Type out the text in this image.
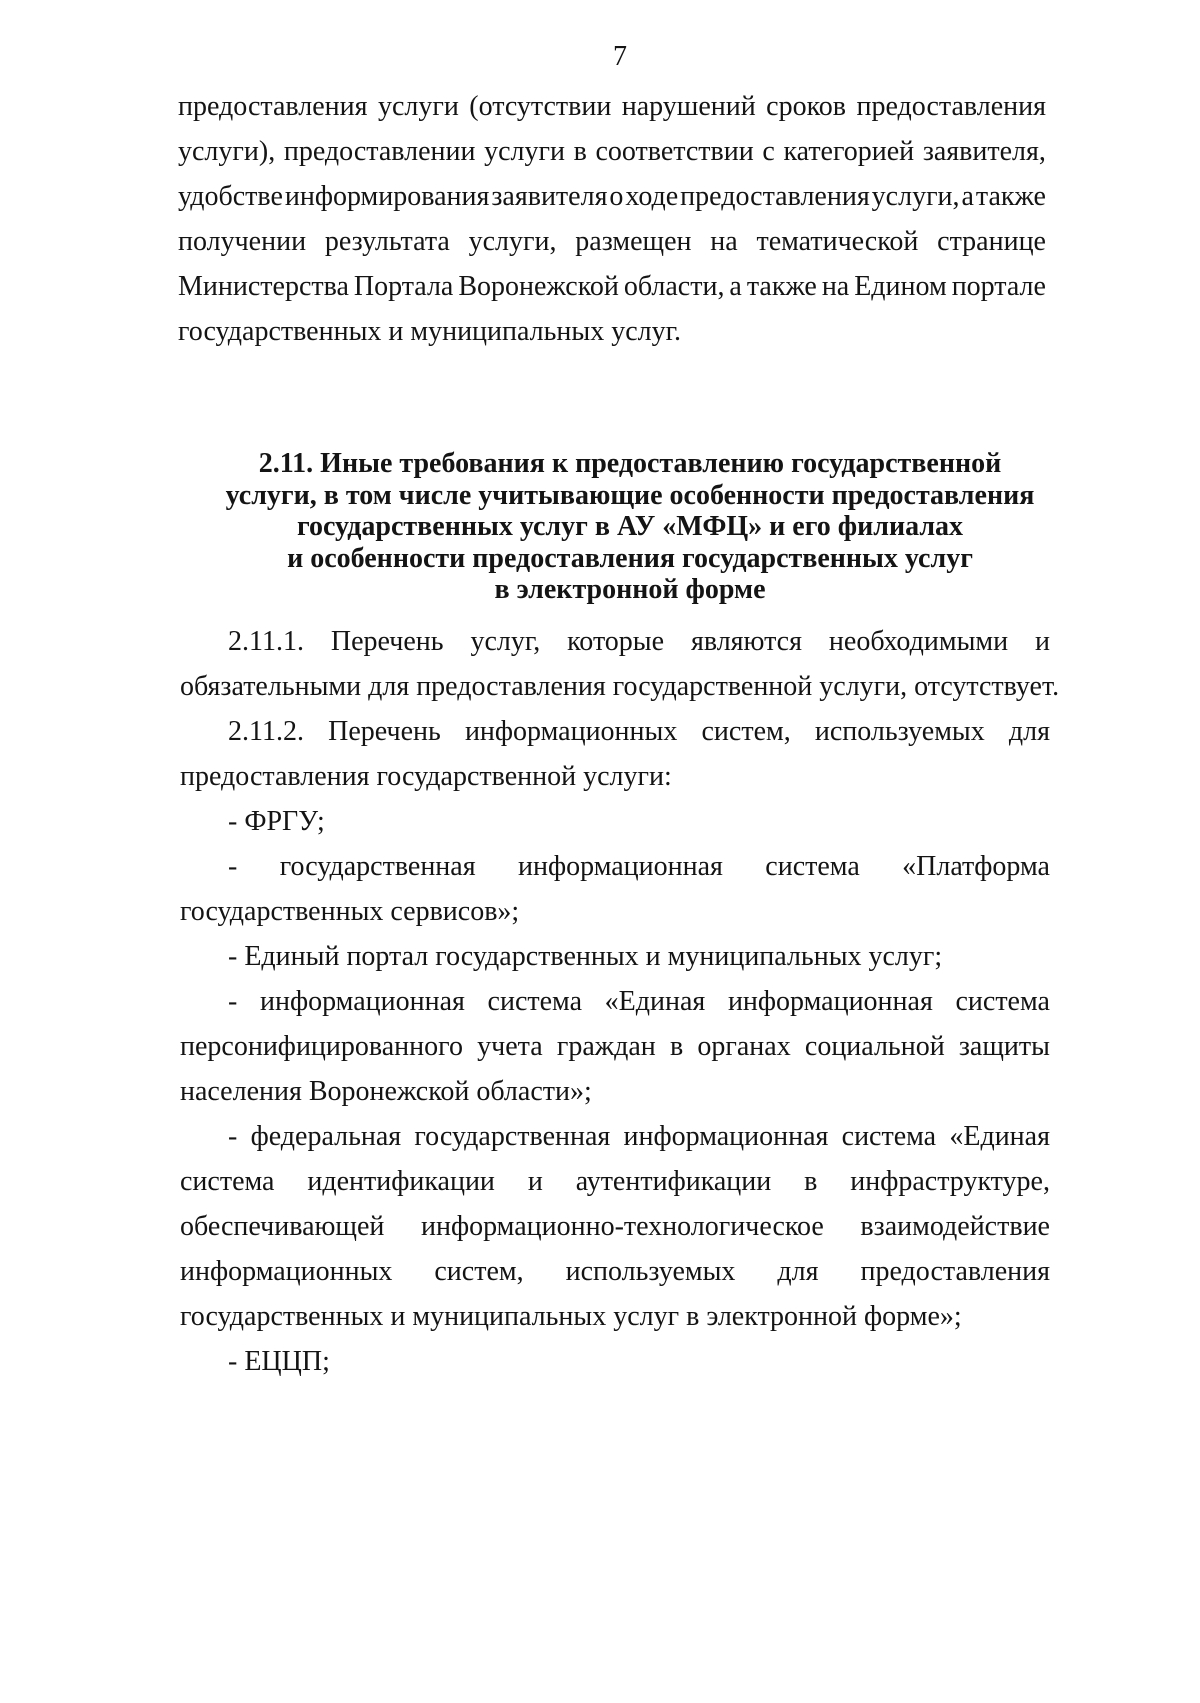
7
предоставления услуги (отсутствии нарушений сроков предоставления
услуги), предоставлении услуги в соответствии с категорией заявителя,
удобстве информирования заявителя о ходе предоставления услуги, а также
получении результата услуги, размещен на тематической странице
Министерства Портала Воронежской области, а также на Едином портале
государственных и муниципальных услуг.
2.11. Иные требования к предоставлению государственной
услуги, в том числе учитывающие особенности предоставления
государственных услуг в АУ «МФЦ» и его филиалах
и особенности предоставления государственных услуг
в электронной форме
2.11.1. Перечень услуг, которые являются необходимыми и
обязательными для предоставления государственной услуги, отсутствует.
2.11.2. Перечень информационных систем, используемых для
предоставления государственной услуги:
- ФРГУ;
- государственная информационная система «Платформа
государственных сервисов»;
- Единый портал государственных и муниципальных услуг;
- информационная система «Единая информационная система
персонифицированного учета граждан в органах социальной защиты
населения Воронежской области»;
- федеральная государственная информационная система «Единая
система идентификации и аутентификации в инфраструктуре,
обеспечивающей информационно-технологическое взаимодействие
информационных систем, используемых для предоставления
государственных и муниципальных услуг в электронной форме»;
- ЕЦЦП;
